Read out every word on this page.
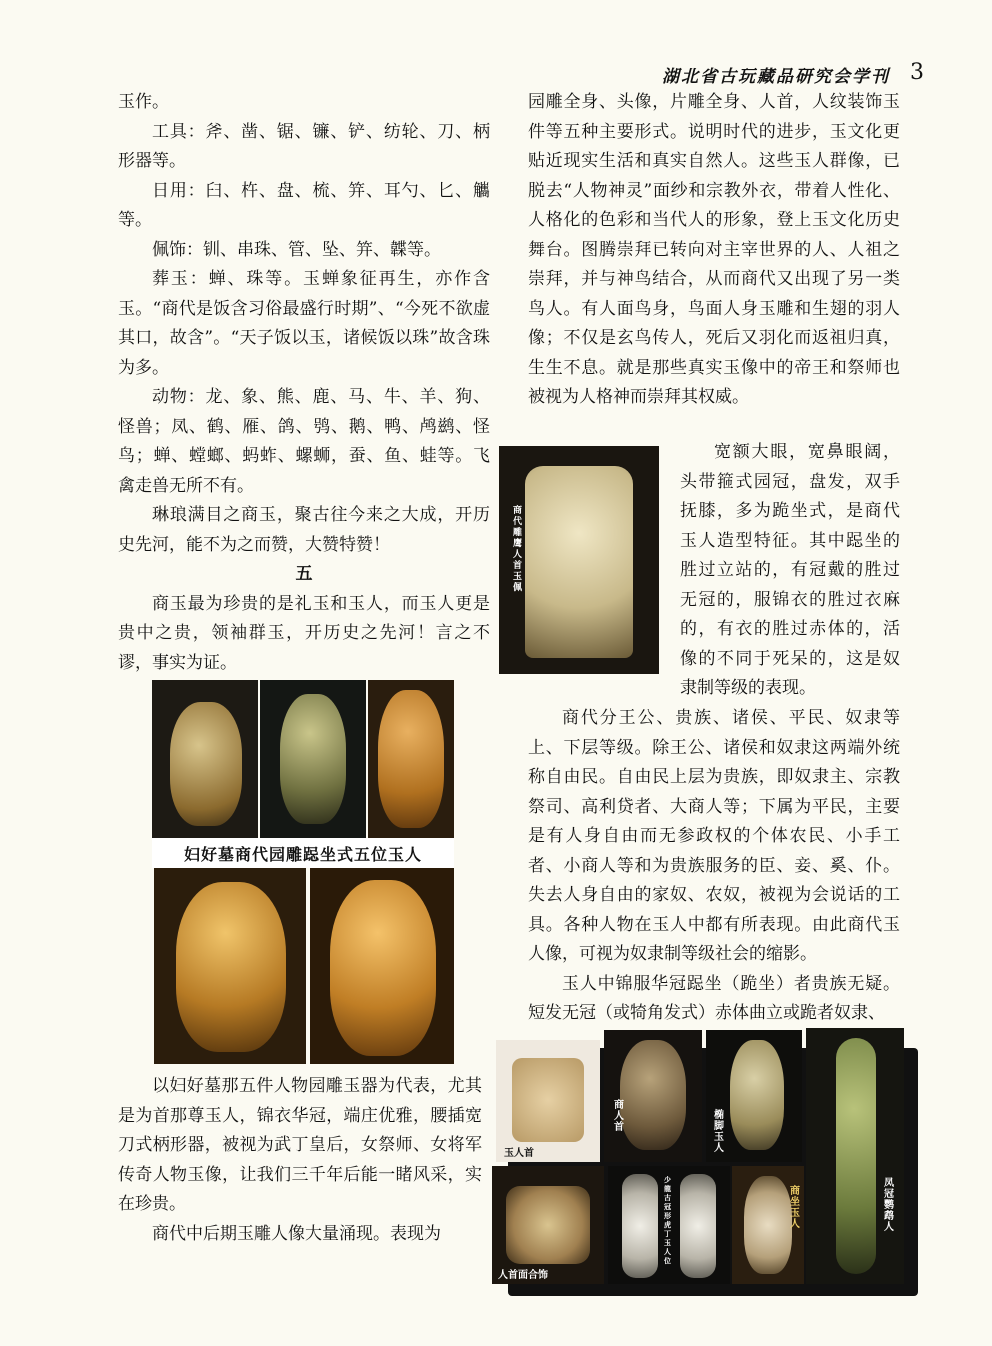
湖北省古玩藏品研究会学刊 3

玉作。

工具：斧、凿、锯、镰、铲、纺轮、刀、柄形器等。

日用：臼、杵、盘、梳、笄、耳勺、匕、觿等。

佩饰：钏、串珠、管、坠、笄、韘等。

葬玉：蝉、珠等。玉蝉象征再生，亦作含玉。“商代是饭含习俗最盛行时期”、“今死不欲虚其口，故含”。“天子饭以玉，诸候饭以珠”故含珠为多。

动物：龙、象、熊、鹿、马、牛、羊、狗、怪兽；凤、鹤、雁、鸽、鸮、鹅、鸭、鸬鹚、怪鸟；蝉、螳螂、蚂蚱、螺蛳，蚕、鱼、蛙等。飞禽走兽无所不有。

琳琅满目之商玉，聚古往今来之大成，开历史先河，能不为之而赞，大赞特赞！

五

商玉最为珍贵的是礼玉和玉人，而玉人更是贵中之贵，领袖群玉，开历史之先河！言之不谬，事实为证。

妇好墓商代园雕跽坐式五位玉人

以妇好墓那五件人物园雕玉器为代表，尤其是为首那尊玉人，锦衣华冠，端庄优雅，腰插宽刀式柄形器，被视为武丁皇后，女祭师、女将军传奇人物玉像，让我们三千年后能一睹风采，实在珍贵。

商代中后期玉雕人像大量涌现。表现为

园雕全身、头像，片雕全身、人首，人纹装饰玉件等五种主要形式。说明时代的进步，玉文化更贴近现实生活和真实自然人。这些玉人群像，已脱去“人物神灵”面纱和宗教外衣，带着人性化、人格化的色彩和当代人的形象，登上玉文化历史舞台。图腾崇拜已转向对主宰世界的人、人祖之崇拜，并与神鸟结合，从而商代又出现了另一类鸟人。有人面鸟身，鸟面人身玉雕和生翅的羽人像；不仅是玄鸟传人，死后又羽化而返祖归真，生生不息。就是那些真实玉像中的帝王和祭师也被视为人格神而崇拜其权威。

商代雕鹰人首玉佩

宽额大眼，宽鼻眼阔，头带箍式园冠，盘发，双手抚膝，多为跪坐式，是商代玉人造型特征。其中跽坐的胜过立站的，有冠戴的胜过无冠的，服锦衣的胜过衣麻的，有衣的胜过赤体的，活像的不同于死呆的，这是奴隶制等级的表现。

商代分王公、贵族、诸侯、平民、奴隶等上、下层等级。除王公、诸侯和奴隶这两端外统称自由民。自由民上层为贵族，即奴隶主、宗教祭司、高利贷者、大商人等；下属为平民，主要是有人身自由而无参政权的个体农民、小手工者、小商人等和为贵族服务的臣、妾、奚、仆。失去人身自由的家奴、农奴，被视为会说话的工具。各种人物在玉人中都有所表现。由此商代玉人像，可视为奴隶制等级社会的缩影。

玉人中锦服华冠跽坐（跪坐）者贵族无疑。短发无冠（或犄角发式）赤体曲立或跪者奴隶、

玉人首
商人首
椭脚玉人
凤冠鹦鹉人
人首面合饰
少龍古冠形虎丁玉人位
商坐玉人
